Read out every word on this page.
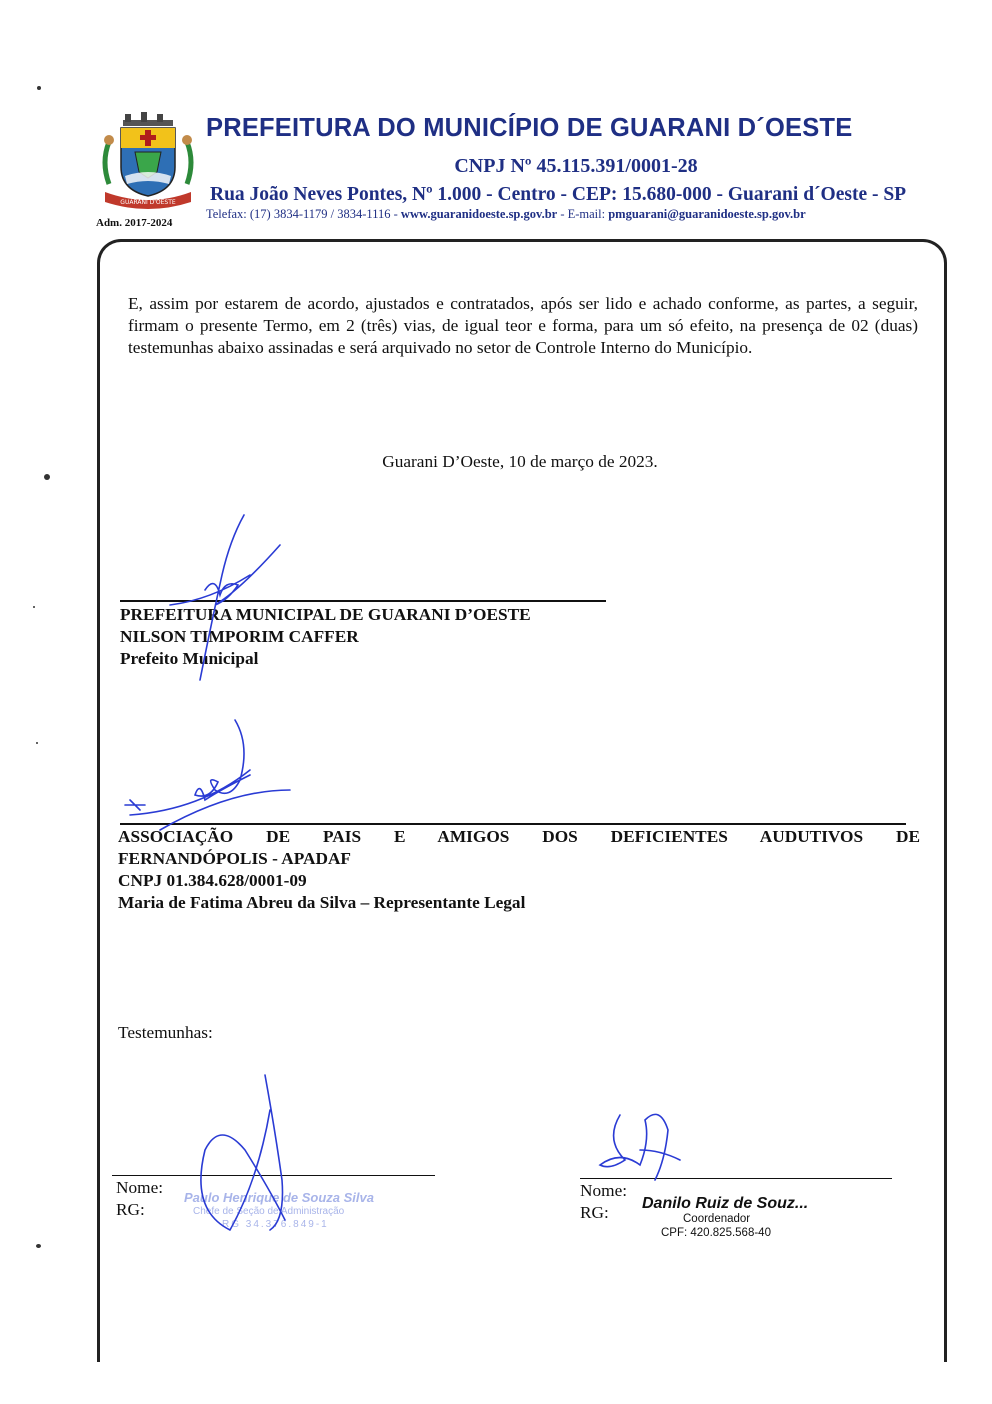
GUARANI D'OESTE
Adm. 2017-2024
PREFEITURA DO MUNICÍPIO DE GUARANI D´OESTE
CNPJ Nº 45.115.391/0001-28
Rua João Neves Pontes, Nº 1.000 - Centro - CEP: 15.680-000 - Guarani d´Oeste - SP
Telefax: (17) 3834-1179 / 3834-1116 - www.guaranidoeste.sp.gov.br - E-mail: pmguarani@guaranidoeste.sp.gov.br
E, assim por estarem de acordo, ajustados e contratados, após ser lido e achado conforme, as partes, a seguir, firmam o presente Termo, em 2 (três) vias, de igual teor e forma, para um só efeito, na presença de 02 (duas) testemunhas abaixo assinadas e será arquivado no setor de Controle Interno do Município.
Guarani D’Oeste, 10 de março de 2023.
PREFEITURA MUNICIPAL DE GUARANI D’OESTE
NILSON TIMPORIM CAFFER
Prefeito Municipal
ASSOCIAÇÃO DE PAIS E AMIGOS DOS DEFICIENTES AUDUTIVOS DE
FERNANDÓPOLIS - APADAF
CNPJ 01.384.628/0001-09
Maria de Fatima Abreu da Silva – Representante Legal
Testemunhas:
Nome:
RG:
Nome:
RG:
Paulo Henrique de Souza Silva
Chefe de Seção de Administração
RG 34.376.849-1
Danilo Ruiz de Souz...
Coordenador
CPF: 420.825.568-40
